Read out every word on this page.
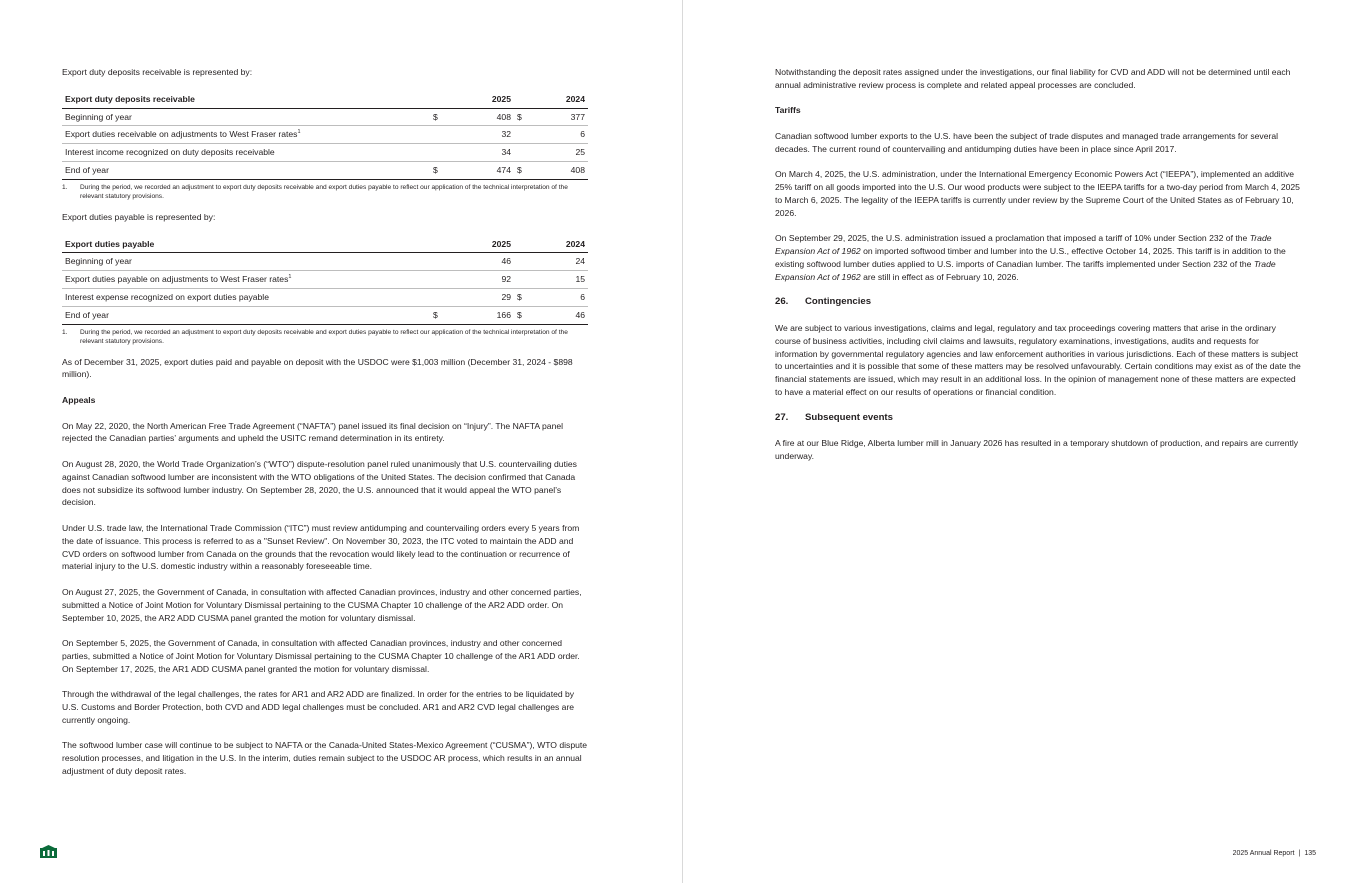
Export duty deposits receivable is represented by:

Export duty deposits receivable		2025		2024
Beginning of year	$	408	$	377
Export duties receivable on adjustments to West Fraser rates$^1$		32		6
Interest income recognized on duty deposits receivable		34		25
End of year	$	474	$	408
1.	During the period, we recorded an adjustment to export duty deposits receivable and export duties payable to reflect our application of the technical interpretation of the relevant statutory provisions.

Export duties payable is represented by:

Export duties payable		2025		2024
Beginning of year		46		24
Export duties payable on adjustments to West Fraser rates$^1$		92		15
Interest expense recognized on export duties payable		29	$	6
End of year	$	166	$	46
1.	During the period, we recorded an adjustment to export duty deposits receivable and export duties payable to reflect our application of the technical interpretation of the relevant statutory provisions.

As of December 31, 2025, export duties paid and payable on deposit with the USDOC were $1,003 million (December 31, 2024 - $898 million).

Appeals

On May 22, 2020, the North American Free Trade Agreement (“NAFTA”) panel issued its final decision on “Injury”. The NAFTA panel rejected the Canadian parties’ arguments and upheld the USITC remand determination in its entirety.

On August 28, 2020, the World Trade Organization’s (“WTO”) dispute-resolution panel ruled unanimously that U.S. countervailing duties against Canadian softwood lumber are inconsistent with the WTO obligations of the United States. The decision confirmed that Canada does not subsidize its softwood lumber industry. On September 28, 2020, the U.S. announced that it would appeal the WTO panel’s decision.

Under U.S. trade law, the International Trade Commission (“ITC”) must review antidumping and countervailing orders every 5 years from the date of issuance. This process is referred to as a "Sunset Review". On November 30, 2023, the ITC voted to maintain the ADD and CVD orders on softwood lumber from Canada on the grounds that the revocation would likely lead to the continuation or recurrence of material injury to the U.S. domestic industry within a reasonably foreseeable time.

On August 27, 2025, the Government of Canada, in consultation with affected Canadian provinces, industry and other concerned parties, submitted a Notice of Joint Motion for Voluntary Dismissal pertaining to the CUSMA Chapter 10 challenge of the AR2 ADD order. On September 10, 2025, the AR2 ADD CUSMA panel granted the motion for voluntary dismissal.

On September 5, 2025, the Government of Canada, in consultation with affected Canadian provinces, industry and other concerned parties, submitted a Notice of Joint Motion for Voluntary Dismissal pertaining to the CUSMA Chapter 10 challenge of the AR1 ADD order. On September 17, 2025, the AR1 ADD CUSMA panel granted the motion for voluntary dismissal.

Through the withdrawal of the legal challenges, the rates for AR1 and AR2 ADD are finalized. In order for the entries to be liquidated by U.S. Customs and Border Protection, both CVD and ADD legal challenges must be concluded. AR1 and AR2 CVD legal challenges are currently ongoing.

The softwood lumber case will continue to be subject to NAFTA or the Canada-United States-Mexico Agreement (“CUSMA”), WTO dispute resolution processes, and litigation in the U.S. In the interim, duties remain subject to the USDOC AR process, which results in an annual adjustment of duty deposit rates.

Notwithstanding the deposit rates assigned under the investigations, our final liability for CVD and ADD will not be determined until each annual administrative review process is complete and related appeal processes are concluded.

Tariffs

Canadian softwood lumber exports to the U.S. have been the subject of trade disputes and managed trade arrangements for several decades. The current round of countervailing and antidumping duties have been in place since April 2017.

On March 4, 2025, the U.S. administration, under the International Emergency Economic Powers Act (“IEEPA”), implemented an additive 25% tariff on all goods imported into the U.S. Our wood products were subject to the IEEPA tariffs for a two-day period from March 4, 2025 to March 6, 2025. The legality of the IEEPA tariffs is currently under review by the Supreme Court of the United States as of February 10, 2026.

On September 29, 2025, the U.S. administration issued a proclamation that imposed a tariff of 10% under Section 232 of the Trade Expansion Act of 1962 on imported softwood timber and lumber into the U.S., effective October 14, 2025. This tariff is in addition to the existing softwood lumber duties applied to U.S. imports of Canadian lumber. The tariffs implemented under Section 232 of the Trade Expansion Act of 1962 are still in effect as of February 10, 2026.

26.	Contingencies

We are subject to various investigations, claims and legal, regulatory and tax proceedings covering matters that arise in the ordinary course of business activities, including civil claims and lawsuits, regulatory examinations, investigations, audits and requests for information by governmental regulatory agencies and law enforcement authorities in various jurisdictions. Each of these matters is subject to uncertainties and it is possible that some of these matters may be resolved unfavourably. Certain conditions may exist as of the date the financial statements are issued, which may result in an additional loss. In the opinion of management none of these matters are expected to have a material effect on our results of operations or financial condition.

27.	Subsequent events

A fire at our Blue Ridge, Alberta lumber mill in January 2026 has resulted in a temporary shutdown of production, and repairs are currently underway.

2025 Annual Report | 135
